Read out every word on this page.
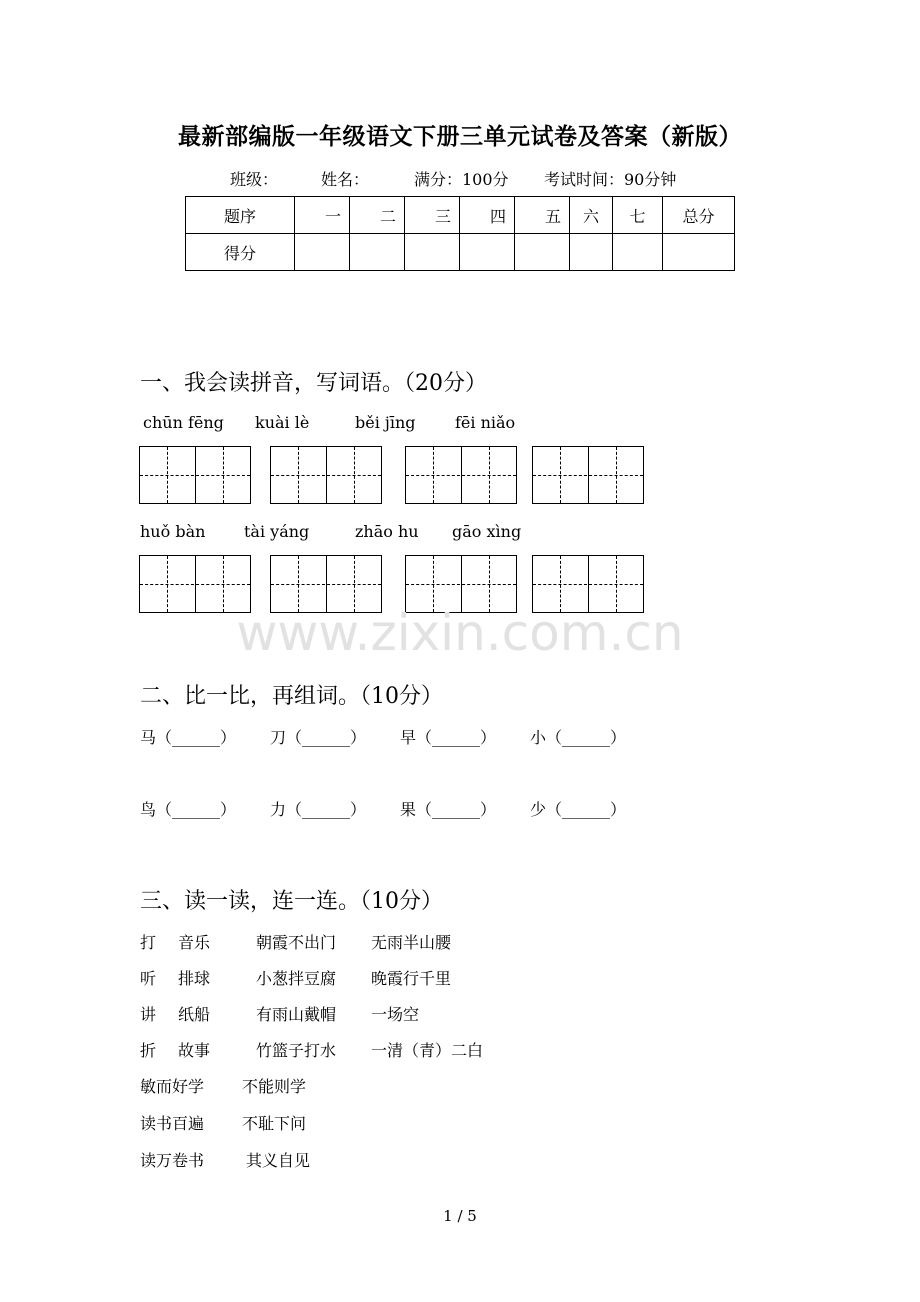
最新部编版一年级语文下册三单元试卷及答案（新版）
班级：	姓名：	满分：100分 考试时间：90分钟
题序	一	二	三	四	五	六	七	总分
得分								
一、我会读拼音，写词语。（20分）
chūn fēng kuài lè	běi jīng fēi niǎo
huǒ bàn tài yáng	zhāo hu gāo xìng
www.zixin.com.cn
二、比一比，再组词。（10分）
马（______） 刀（______） 早（______） 小（______）
鸟（______） 力（______） 果（______） 少（______）
三、读一读，连一连。（10分）
打 音乐	朝霞不出门 无雨半山腰
听 排球	小葱拌豆腐 晚霞行千里
讲 纸船	有雨山戴帽 一场空
折 故事	竹篮子打水 一清（青）二白
敏而好学 不能则学
读书百遍 不耻下问
读万卷书	其义自见
1 / 5
